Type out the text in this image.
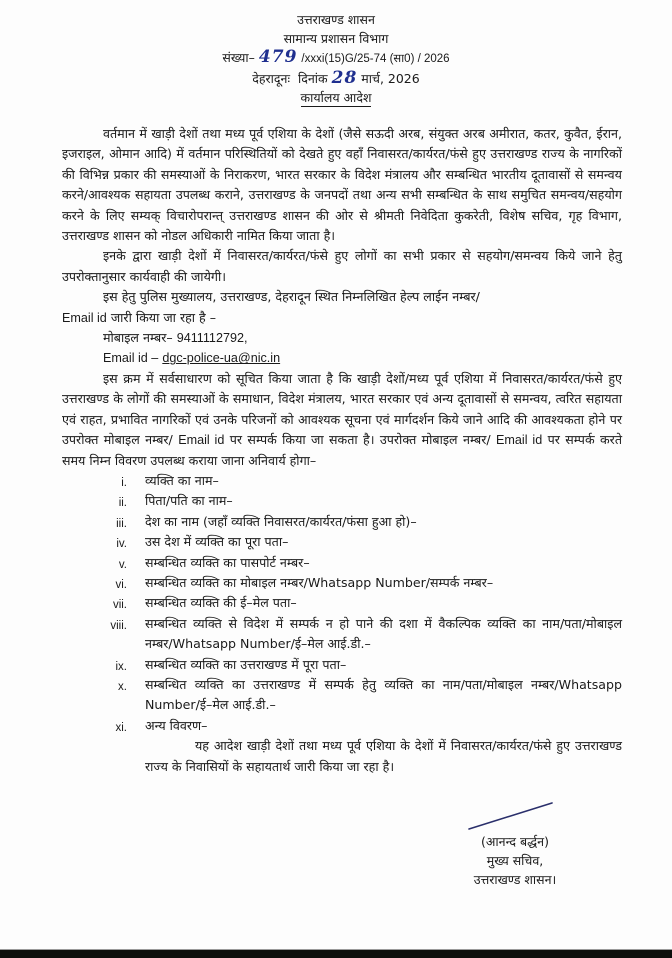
उत्तराखण्ड शासन
सामान्य प्रशासन विभाग
संख्या– 479 /xxxi(15)G/25-74 (सा0) / 2026
देहरादूनः दिनांक 28 मार्च, 2026
कार्यालय आदेश

वर्तमान में खाड़ी देशों तथा मध्य पूर्व एशिया के देशों (जैसे सऊदी अरब, संयुक्त अरब अमीरात, कतर, कुवैत, ईरान, इजराइल, ओमान आदि) में वर्तमान परिस्थितियों को देखते हुए वहाँ निवासरत/कार्यरत/फंसे हुए उत्तराखण्ड राज्य के नागरिकों की विभिन्न प्रकार की समस्याओं के निराकरण, भारत सरकार के विदेश मंत्रालय और सम्बन्धित भारतीय दूतावासों से समन्वय करने/आवश्यक सहायता उपलब्ध कराने, उत्तराखण्ड के जनपदों तथा अन्य सभी सम्बन्धित के साथ समुचित समन्वय/सहयोग करने के लिए सम्यक् विचारोपरान्त् उत्तराखण्ड शासन की ओर से श्रीमती निवेदिता कुकरेती, विशेष सचिव, गृह विभाग, उत्तराखण्ड शासन को नोडल अधिकारी नामित किया जाता है।

इनके द्वारा खाड़ी देशों में निवासरत/कार्यरत/फंसे हुए लोगों का सभी प्रकार से सहयोग/समन्वय किये जाने हेतु उपरोक्तानुसार कार्यवाही की जायेगी।

इस हेतु पुलिस मुख्यालय, उत्तराखण्ड, देहरादून स्थित निम्नलिखित हेल्प लाईन नम्बर/

Email id जारी किया जा रहा है –

मोबाइल नम्बर– 9411112792,

Email id – dgc-police-ua@nic.in

इस क्रम में सर्वसाधारण को सूचित किया जाता है कि खाड़ी देशों/मध्य पूर्व एशिया में निवासरत/कार्यरत/फंसे हुए उत्तराखण्ड के लोगों की समस्याओं के समाधान, विदेश मंत्रालय, भारत सरकार एवं अन्य दूतावासों से समन्वय, त्वरित सहायता एवं राहत, प्रभावित नागरिकों एवं उनके परिजनों को आवश्यक सूचना एवं मार्गदर्शन किये जाने आदि की आवश्यकता होने पर उपरोक्त मोबाइल नम्बर/ Email id पर सम्पर्क किया जा सकता है। उपरोक्त मोबाइल नम्बर/ Email id पर सम्पर्क करते समय निम्न विवरण उपलब्ध कराया जाना अनिवार्य होगा–

i. व्यक्ति का नाम–
ii. पिता/पति का नाम–
iii. देश का नाम (जहाँ व्यक्ति निवासरत/कार्यरत/फंसा हुआ हो)–
iv. उस देश में व्यक्ति का पूरा पता–
v. सम्बन्धित व्यक्ति का पासपोर्ट नम्बर–
vi. सम्बन्धित व्यक्ति का मोबाइल नम्बर/Whatsapp Number/सम्पर्क नम्बर–
vii. सम्बन्धित व्यक्ति की ई–मेल पता–
viii. सम्बन्धित व्यक्ति से विदेश में सम्पर्क न हो पाने की दशा में वैकल्पिक व्यक्ति का नाम/पता/मोबाइल नम्बर/Whatsapp Number/ई–मेल आई.डी.–
ix. सम्बन्धित व्यक्ति का उत्तराखण्ड में पूरा पता–
x. सम्बन्धित व्यक्ति का उत्तराखण्ड में सम्पर्क हेतु व्यक्ति का नाम/पता/मोबाइल नम्बर/Whatsapp Number/ई–मेल आई.डी.–
xi. अन्य विवरण–

यह आदेश खाड़ी देशों तथा मध्य पूर्व एशिया के देशों में निवासरत/कार्यरत/फंसे हुए उत्तराखण्ड राज्य के निवासियों के सहायतार्थ जारी किया जा रहा है।

(आनन्द बर्द्धन)
मुख्य सचिव,
उत्तराखण्ड शासन।
